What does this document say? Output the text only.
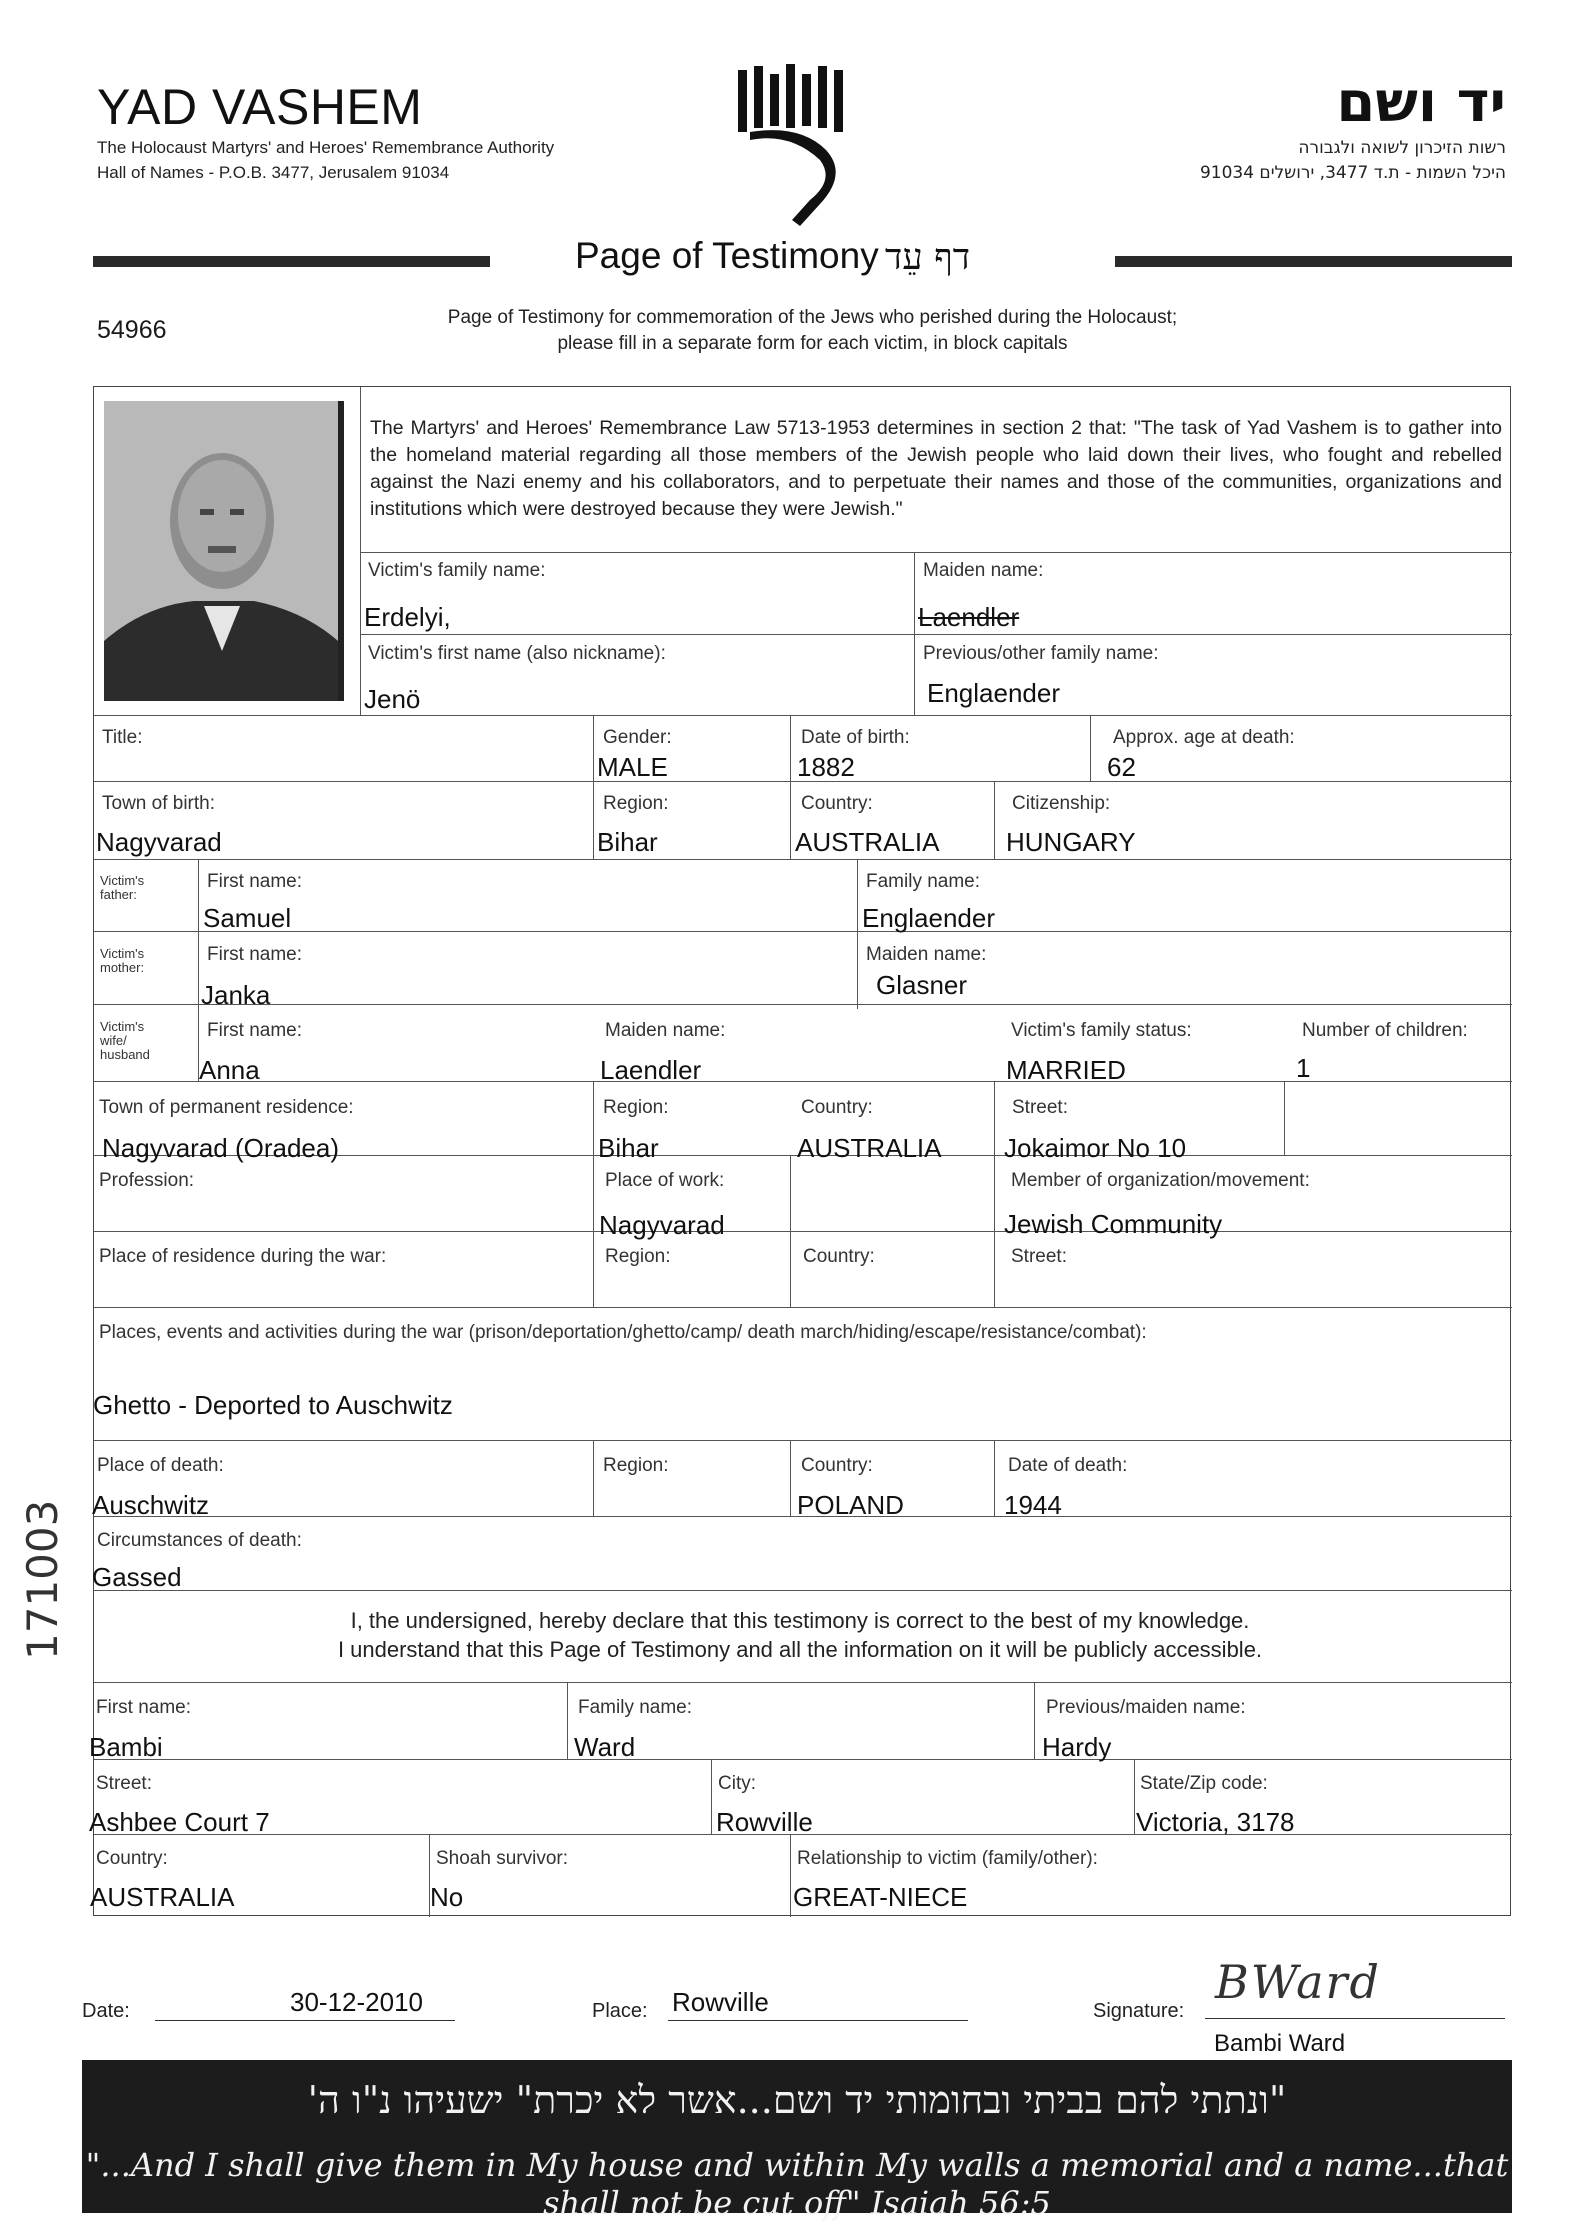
YAD VASHEM
The Holocaust Martyrs' and Heroes' Remembrance Authority
Hall of Names - P.O.B. 3477, Jerusalem 91034
יד ושם
רשות הזיכרון לשואה ולגבורה
היכל השמות - ת.ד 3477, ירושלים 91034
Page of Testimony דף עֵד
54966	Page of Testimony for commemoration of the Jews who perished during the Holocaust;
please fill in a separate form for each victim, in block capitals
The Martyrs' and Heroes' Remembrance Law 5713-1953 determines in section 2 that: "The task of Yad Vashem is to gather into the homeland material regarding all those members of the Jewish people who laid down their lives, who fought and rebelled against the Nazi enemy and his collaborators, and to perpetuate their names and those of the communities, organizations and institutions which were destroyed because they were Jewish."
Victim's family name:
Erdelyi,
Maiden name:
Laendler
Victim's first name (also nickname):
Jenö
Previous/other family name:
Englaender
Title:	Gender:
MALE
Date of birth:
1882
Approx. age at death:
62
Town of birth:
Nagyvarad
Region:
Bihar
Country:
AUSTRALIA
Citizenship:
HUNGARY
Victim's father:
First name:
Samuel
Family name:
Englaender
Victim's mother:
First name:
Janka
Maiden name:
Glasner
Victim's wife/ husband
First name:
Anna
Maiden name:
Laendler
Victim's family status:
MARRIED
Number of children:
1
Town of permanent residence:
Nagyvarad (Oradea)
Region:
Bihar
Country:
AUSTRALIA
Street:
Jokaimor No 10
Profession:	Place of work:
Nagyvarad
Member of organization/movement:
Jewish Community
Place of residence during the war:	Region:	Country:	Street:
Places, events and activities during the war (prison/deportation/ghetto/camp/ death march/hiding/escape/resistance/combat):
Ghetto - Deported to Auschwitz
Place of death:
Auschwitz
Region:	Country:
POLAND
Date of death:
1944
Circumstances of death:
Gassed
I, the undersigned, hereby declare that this testimony is correct to the best of my knowledge.
I understand that this Page of Testimony and all the information on it will be publicly accessible.
First name:
Bambi
Family name:
Ward
Previous/maiden name:
Hardy
Street:
Ashbee Court 7
City:
Rowville
State/Zip code:
Victoria, 3178
Country:
AUSTRALIA
Shoah survivor:
No
Relationship to victim (family/other):
GREAT-NIECE
171003
Date:	30-12-2010	Place: Rowville	Signature:
BWard
Bambi Ward
"ונתתי להם בביתי ובחומותי יד ושם...אשר לא יכרת" ישעיהו נ"ו ה'
"...And I shall give them in My house and within My walls a memorial and a name...that shall not be cut off" Isaiah 56:5
